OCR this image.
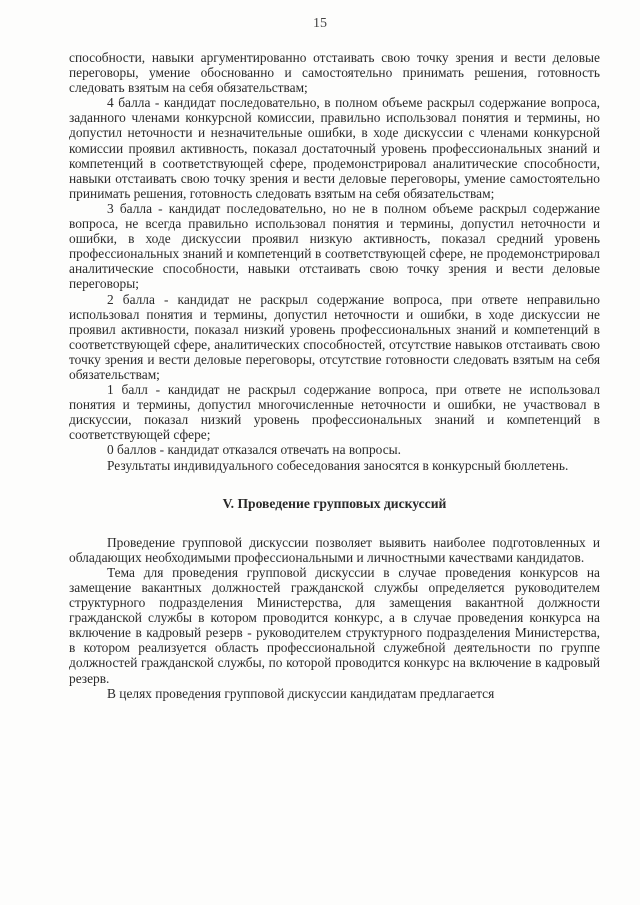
15

способности, навыки аргументированно отстаивать свою точку зрения и вести деловые переговоры, умение обоснованно и самостоятельно принимать решения, готовность следовать взятым на себя обязательствам;

4 балла - кандидат последовательно, в полном объеме раскрыл содержание вопроса, заданного членами конкурсной комиссии, правильно использовал понятия и термины, но допустил неточности и незначительные ошибки, в ходе дискуссии с членами конкурсной комиссии проявил активность, показал достаточный уровень профессиональных знаний и компетенций в соответствующей сфере, продемонстрировал аналитические способности, навыки отстаивать свою точку зрения и вести деловые переговоры, умение самостоятельно принимать решения, готовность следовать взятым на себя обязательствам;

3 балла - кандидат последовательно, но не в полном объеме раскрыл содержание вопроса, не всегда правильно использовал понятия и термины, допустил неточности и ошибки, в ходе дискуссии проявил низкую активность, показал средний уровень профессиональных знаний и компетенций в соответствующей сфере, не продемонстрировал аналитические способности, навыки отстаивать свою точку зрения и вести деловые переговоры;

2 балла - кандидат не раскрыл содержание вопроса, при ответе неправильно использовал понятия и термины, допустил неточности и ошибки, в ходе дискуссии не проявил активности, показал низкий уровень профессиональных знаний и компетенций в соответствующей сфере, аналитических способностей, отсутствие навыков отстаивать свою точку зрения и вести деловые переговоры, отсутствие готовности следовать взятым на себя обязательствам;

1 балл - кандидат не раскрыл содержание вопроса, при ответе не использовал понятия и термины, допустил многочисленные неточности и ошибки, не участвовал в дискуссии, показал низкий уровень профессиональных знаний и компетенций в соответствующей сфере;

0 баллов - кандидат отказался отвечать на вопросы.

Результаты индивидуального собеседования заносятся в конкурсный бюллетень.

V. Проведение групповых дискуссий

Проведение групповой дискуссии позволяет выявить наиболее подготовленных и обладающих необходимыми профессиональными и личностными качествами кандидатов.

Тема для проведения групповой дискуссии в случае проведения конкурсов на замещение вакантных должностей гражданской службы определяется руководителем структурного подразделения Министерства, для замещения вакантной должности гражданской службы в котором проводится конкурс, а в случае проведения конкурса на включение в кадровый резерв - руководителем структурного подразделения Министерства, в котором реализуется область профессиональной служебной деятельности по группе должностей гражданской службы, по которой проводится конкурс на включение в кадровый резерв.

В целях проведения групповой дискуссии кандидатам предлагается
